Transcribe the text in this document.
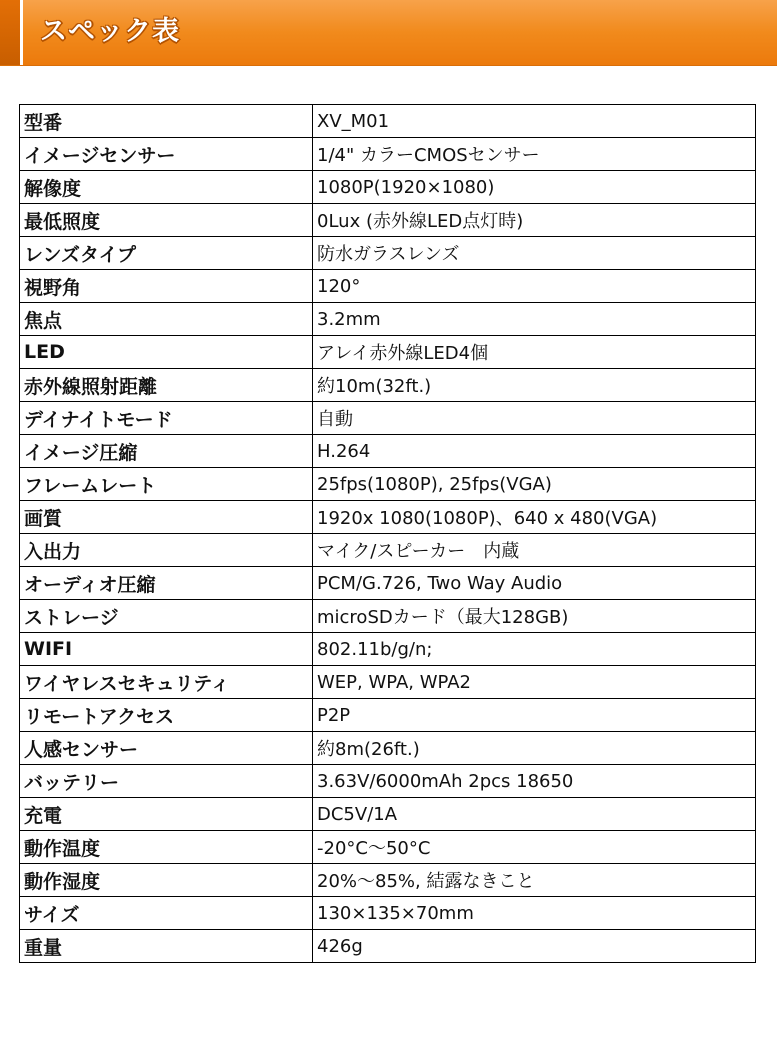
スペック表
型番	XV_M01
イメージセンサー	1/4" カラーCMOSセンサー
解像度	1080P(1920×1080)
最低照度	0Lux (赤外線LED点灯時)
レンズタイプ	防水ガラスレンズ
視野角	120°
焦点	3.2mm
LED	アレイ赤外線LED4個
赤外線照射距離	約10m(32ft.)
デイナイトモード	自動
イメージ圧縮	H.264
フレームレート	25fps(1080P), 25fps(VGA)
画質	1920x 1080(1080P)、640 x 480(VGA)
入出力	マイク/スピーカー　内蔵
オーディオ圧縮	PCM/G.726, Two Way Audio
ストレージ	microSDカード（最大128GB)
WIFI	802.11b/g/n;
ワイヤレスセキュリティ	WEP, WPA, WPA2
リモートアクセス	P2P
人感センサー	約8m(26ft.)
バッテリー	3.63V/6000mAh 2pcs 18650
充電	DC5V/1A
動作温度	-20°C〜50°C
動作湿度	20%〜85%, 結露なきこと
サイズ	130×135×70mm
重量	426g
